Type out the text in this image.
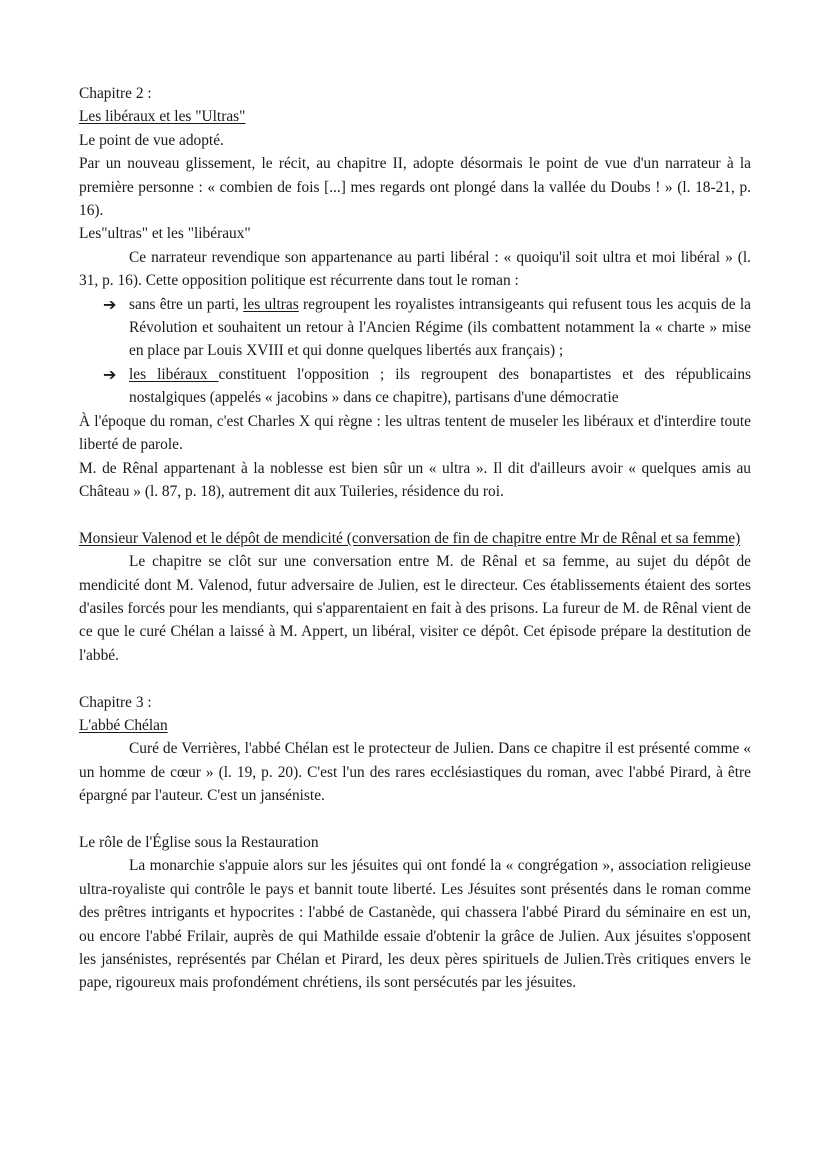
Chapitre 2 :

Les libéraux et les "Ultras"

Le point de vue adopté.

Par un nouveau glissement, le récit, au chapitre II, adopte désormais le point de vue d'un narrateur à la première personne : « combien de fois [...] mes regards ont plongé dans la vallée du Doubs ! » (l. 18-21, p. 16).

Les"ultras" et les "libéraux"

Ce narrateur revendique son appartenance au parti libéral : « quoiqu'il soit ultra et moi libéral » (l. 31, p. 16). Cette opposition politique est récurrente dans tout le roman :

➔ sans être un parti, les ultras regroupent les royalistes intransigeants qui refusent tous les acquis de la Révolution et souhaitent un retour à l'Ancien Régime (ils combattent notamment la « charte » mise en place par Louis XVIII et qui donne quelques libertés aux français) ;
➔ les libéraux constituent l'opposition ; ils regroupent des bonapartistes et des républicains nostalgiques (appelés « jacobins » dans ce chapitre), partisans d'une démocratie

À l'époque du roman, c'est Charles X qui règne : les ultras tentent de museler les libéraux et d'interdire toute liberté de parole.

M. de Rênal appartenant à la noblesse est bien sûr un « ultra ». Il dit d'ailleurs avoir « quelques amis au Château » (l. 87, p. 18), autrement dit aux Tuileries, résidence du roi.

Monsieur Valenod et le dépôt de mendicité (conversation de fin de chapitre entre Mr de Rênal et sa femme)

Le chapitre se clôt sur une conversation entre M. de Rênal et sa femme, au sujet du dépôt de mendicité dont M. Valenod, futur adversaire de Julien, est le directeur. Ces établissements étaient des sortes d'asiles forcés pour les mendiants, qui s'apparentaient en fait à des prisons. La fureur de M. de Rênal vient de ce que le curé Chélan a laissé à M. Appert, un libéral, visiter ce dépôt. Cet épisode prépare la destitution de l'abbé.

Chapitre 3 :

L'abbé Chélan

Curé de Verrières, l'abbé Chélan est le protecteur de Julien. Dans ce chapitre il est présenté comme « un homme de cœur » (l. 19, p. 20). C'est l'un des rares ecclésiastiques du roman, avec l'abbé Pirard, à être épargné par l'auteur. C'est un janséniste.

Le rôle de l'Église sous la Restauration

La monarchie s'appuie alors sur les jésuites qui ont fondé la « congrégation », association religieuse ultra-royaliste qui contrôle le pays et bannit toute liberté. Les Jésuites sont présentés dans le roman comme des prêtres intrigants et hypocrites : l'abbé de Castanède, qui chassera l'abbé Pirard du séminaire en est un, ou encore l'abbé Frilair, auprès de qui Mathilde essaie d'obtenir la grâce de Julien. Aux jésuites s'opposent les jansénistes, représentés par Chélan et Pirard, les deux pères spirituels de Julien.Très critiques envers le pape, rigoureux mais profondément chrétiens, ils sont persécutés par les jésuites.
